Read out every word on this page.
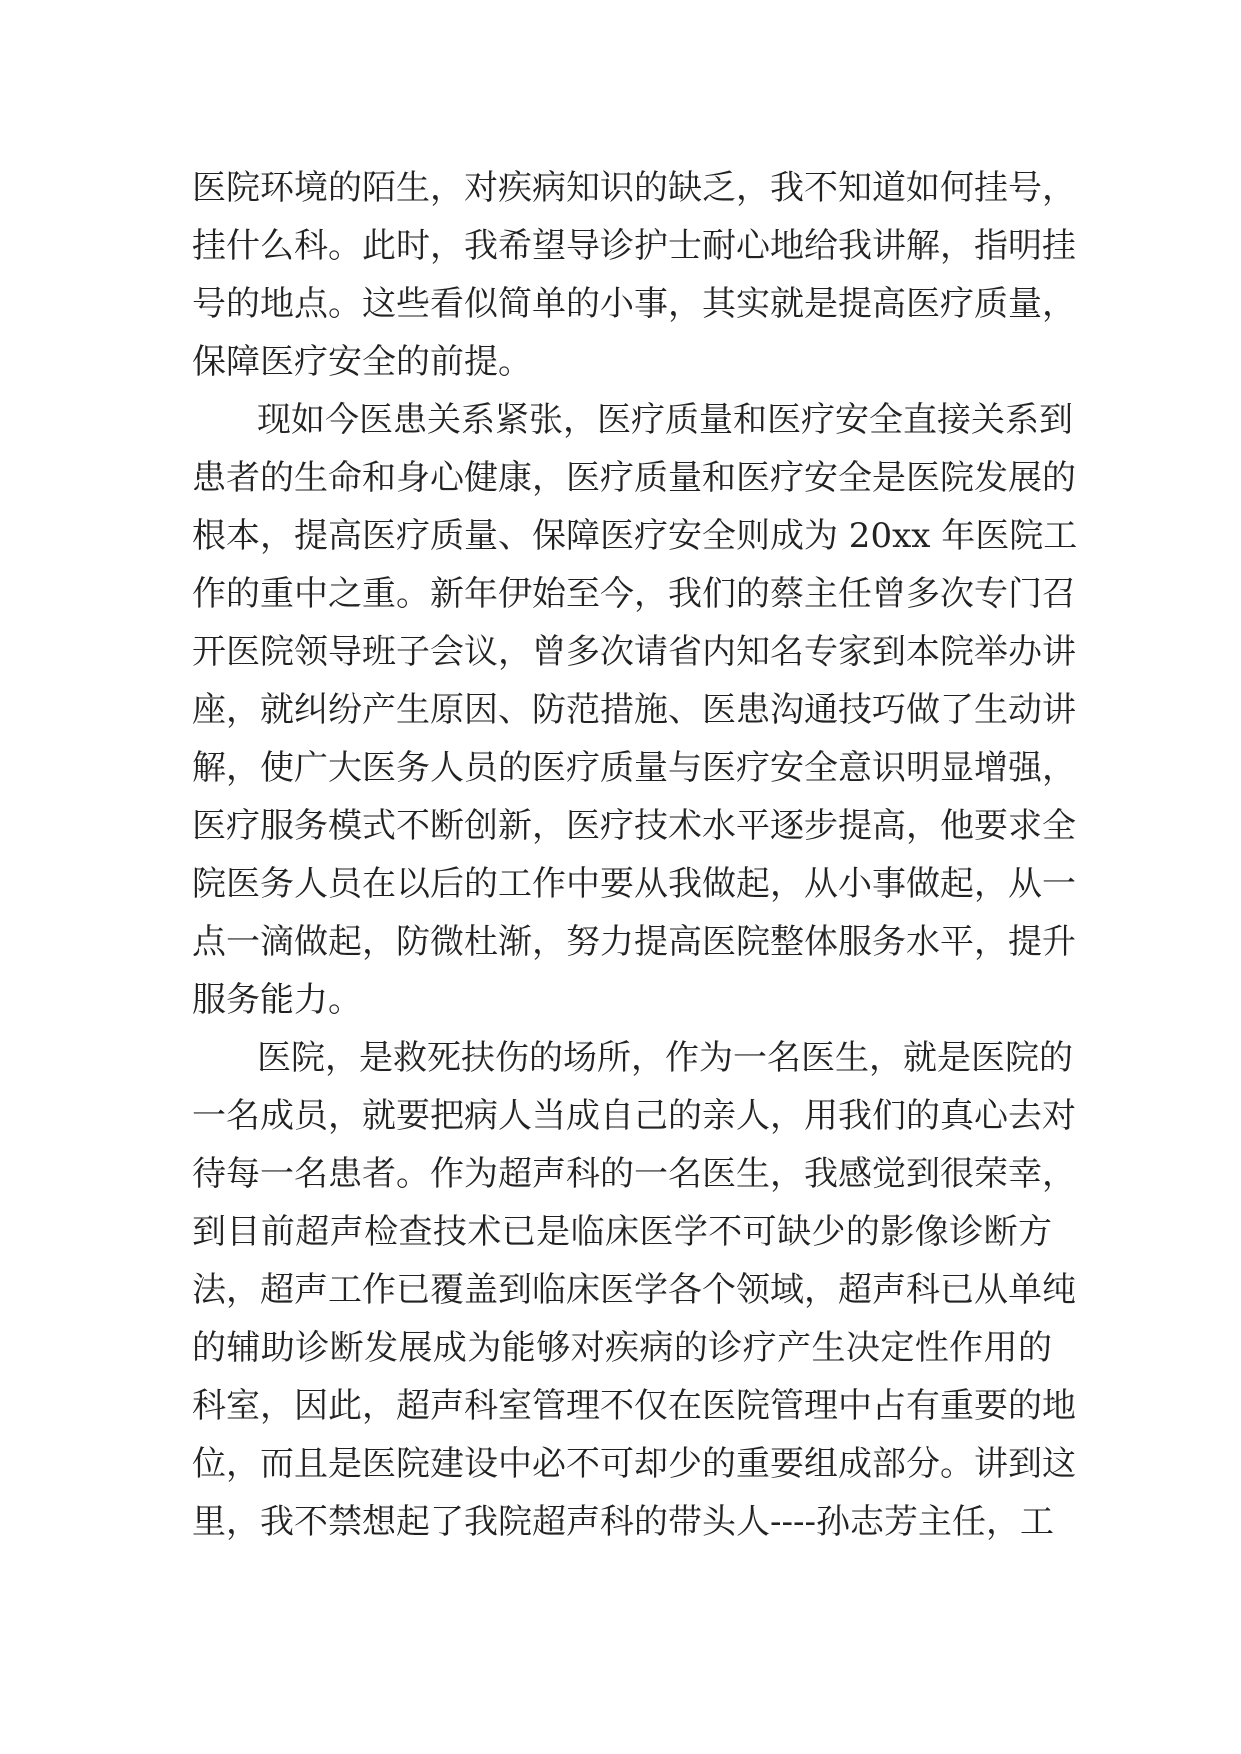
医院环境的陌生，对疾病知识的缺乏，我不知道如何挂号，
挂什么科。此时，我希望导诊护士耐心地给我讲解，指明挂
号的地点。这些看似简单的小事，其实就是提高医疗质量，
保障医疗安全的前提。
现如今医患关系紧张，医疗质量和医疗安全直接关系到
患者的生命和身心健康，医疗质量和医疗安全是医院发展的
根本，提高医疗质量、保障医疗安全则成为 20xx 年医院工
作的重中之重。新年伊始至今，我们的蔡主任曾多次专门召
开医院领导班子会议，曾多次请省内知名专家到本院举办讲
座，就纠纷产生原因、防范措施、医患沟通技巧做了生动讲
解，使广大医务人员的医疗质量与医疗安全意识明显增强，
医疗服务模式不断创新，医疗技术水平逐步提高，他要求全
院医务人员在以后的工作中要从我做起，从小事做起，从一
点一滴做起，防微杜渐，努力提高医院整体服务水平，提升
服务能力。
医院，是救死扶伤的场所，作为一名医生，就是医院的
一名成员，就要把病人当成自己的亲人，用我们的真心去对
待每一名患者。作为超声科的一名医生，我感觉到很荣幸，
到目前超声检查技术已是临床医学不可缺少的影像诊断方
法，超声工作已覆盖到临床医学各个领域，超声科已从单纯
的辅助诊断发展成为能够对疾病的诊疗产生决定性作用的
科室，因此，超声科室管理不仅在医院管理中占有重要的地
位，而且是医院建设中必不可却少的重要组成部分。讲到这
里，我不禁想起了我院超声科的带头人----孙志芳主任，工
